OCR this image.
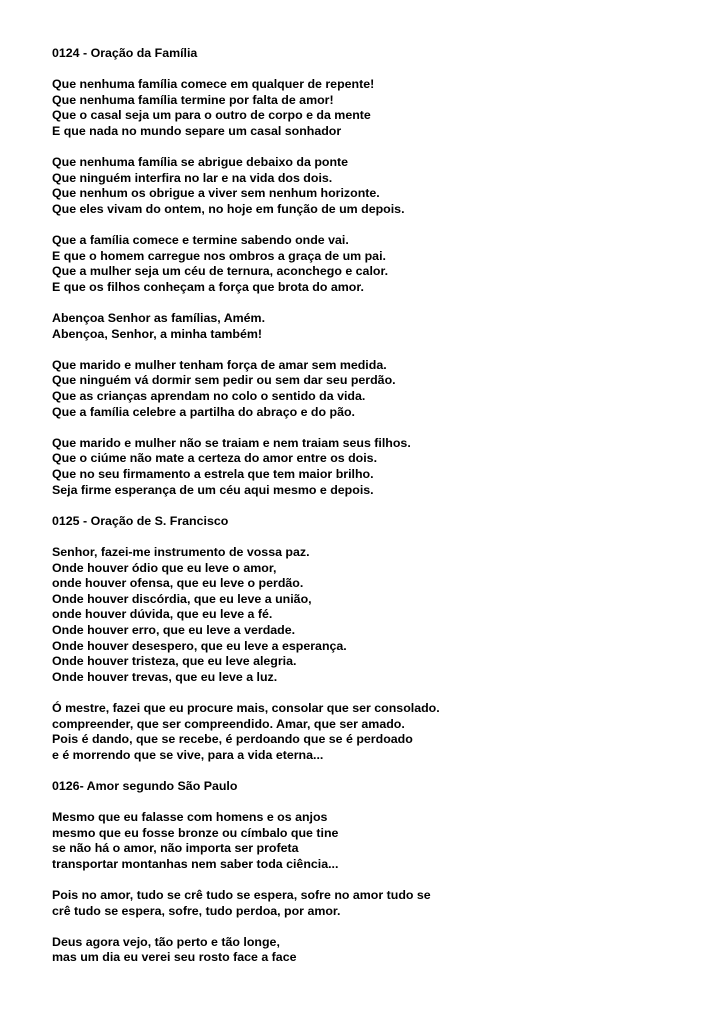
0124 - Oração da Família
Que nenhuma família comece em qualquer de repente!
Que nenhuma família termine por falta de amor!
Que o casal seja um para o outro de corpo e da mente
E que nada no mundo separe um casal sonhador
Que nenhuma família se abrigue debaixo da ponte
Que ninguém interfira no lar e na vida dos dois.
Que nenhum os obrigue a viver sem nenhum horizonte.
Que eles vivam do ontem, no hoje em função de um depois.
Que a família comece e termine sabendo onde vai.
E que o homem carregue nos ombros a graça de um pai.
Que a mulher seja um céu de ternura, aconchego e calor.
E que os filhos conheçam a força que brota do amor.
Abençoa Senhor as famílias, Amém.
Abençoa, Senhor, a minha também!
Que marido e mulher tenham força de amar sem medida.
Que ninguém vá dormir sem pedir ou sem dar seu perdão.
Que as crianças aprendam no colo o sentido da vida.
Que a família celebre a partilha do abraço e do pão.
Que marido e mulher não se traiam e nem traiam seus filhos.
Que o ciúme não mate a certeza do amor entre os dois.
Que no seu firmamento a estrela que tem maior brilho.
Seja firme esperança de um céu aqui mesmo e depois.
0125 - Oração de S. Francisco
Senhor, fazei-me instrumento de vossa paz.
Onde houver ódio que eu leve o amor,
onde houver ofensa, que eu leve o perdão.
Onde houver discórdia, que eu leve a união,
onde houver dúvida, que eu leve a fé.
Onde houver erro, que eu leve a verdade.
Onde houver desespero, que eu leve a esperança.
Onde houver tristeza, que eu leve alegria.
Onde houver trevas, que eu leve a luz.
Ó mestre, fazei que eu procure mais, consolar que ser consolado.
compreender, que ser compreendido. Amar, que ser amado.
Pois é dando, que se recebe, é perdoando que se é perdoado
e é morrendo que se vive, para a vida eterna...
0126- Amor segundo São Paulo
Mesmo que eu falasse com homens e os anjos
mesmo que eu fosse bronze ou címbalo que tine
se não há o amor, não importa ser profeta
transportar montanhas nem saber toda ciência...
Pois no amor, tudo se crê tudo se espera, sofre no amor tudo se
crê tudo se espera, sofre, tudo perdoa, por amor.
Deus agora vejo, tão perto e tão longe,
mas um dia eu verei seu rosto face a face
